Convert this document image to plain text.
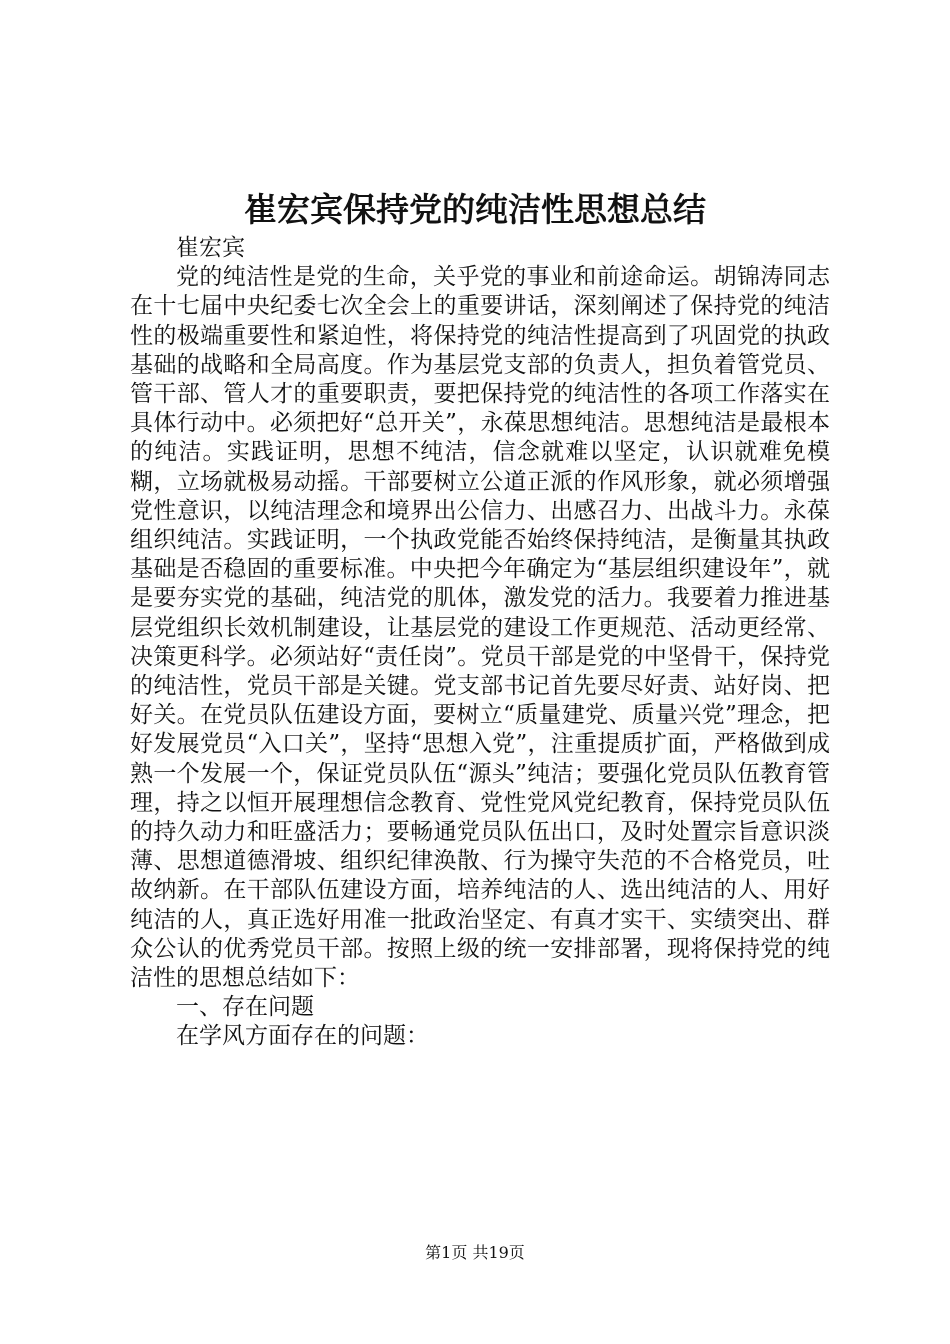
崔宏宾保持党的纯洁性思想总结

崔宏宾

党的纯洁性是党的生命，关乎党的事业和前途命运。胡锦涛同志在十七届中央纪委七次全会上的重要讲话，深刻阐述了保持党的纯洁性的极端重要性和紧迫性，将保持党的纯洁性提高到了巩固党的执政基础的战略和全局高度。作为基层党支部的负责人，担负着管党员、管干部、管人才的重要职责，要把保持党的纯洁性的各项工作落实在具体行动中。必须把好“总开关”，永葆思想纯洁。思想纯洁是最根本的纯洁。实践证明，思想不纯洁，信念就难以坚定，认识就难免模糊，立场就极易动摇。干部要树立公道正派的作风形象，就必须增强党性意识，以纯洁理念和境界出公信力、出感召力、出战斗力。永葆组织纯洁。实践证明，一个执政党能否始终保持纯洁，是衡量其执政基础是否稳固的重要标准。中央把今年确定为“基层组织建设年”，就是要夯实党的基础，纯洁党的肌体，激发党的活力。我要着力推进基层党组织长效机制建设，让基层党的建设工作更规范、活动更经常、决策更科学。必须站好“责任岗”。党员干部是党的中坚骨干，保持党的纯洁性，党员干部是关键。党支部书记首先要尽好责、站好岗、把好关。在党员队伍建设方面，要树立“质量建党、质量兴党”理念，把好发展党员“入口关”，坚持“思想入党”，注重提质扩面，严格做到成熟一个发展一个，保证党员队伍“源头”纯洁；要强化党员队伍教育管理，持之以恒开展理想信念教育、党性党风党纪教育，保持党员队伍的持久动力和旺盛活力；要畅通党员队伍出口，及时处置宗旨意识淡薄、思想道德滑坡、组织纪律涣散、行为操守失范的不合格党员，吐故纳新。在干部队伍建设方面，培养纯洁的人、选出纯洁的人、用好纯洁的人，真正选好用准一批政治坚定、有真才实干、实绩突出、群众公认的优秀党员干部。按照上级的统一安排部署，现将保持党的纯洁性的思想总结如下：

一、存在问题

在学风方面存在的问题：

第1页 共19页
